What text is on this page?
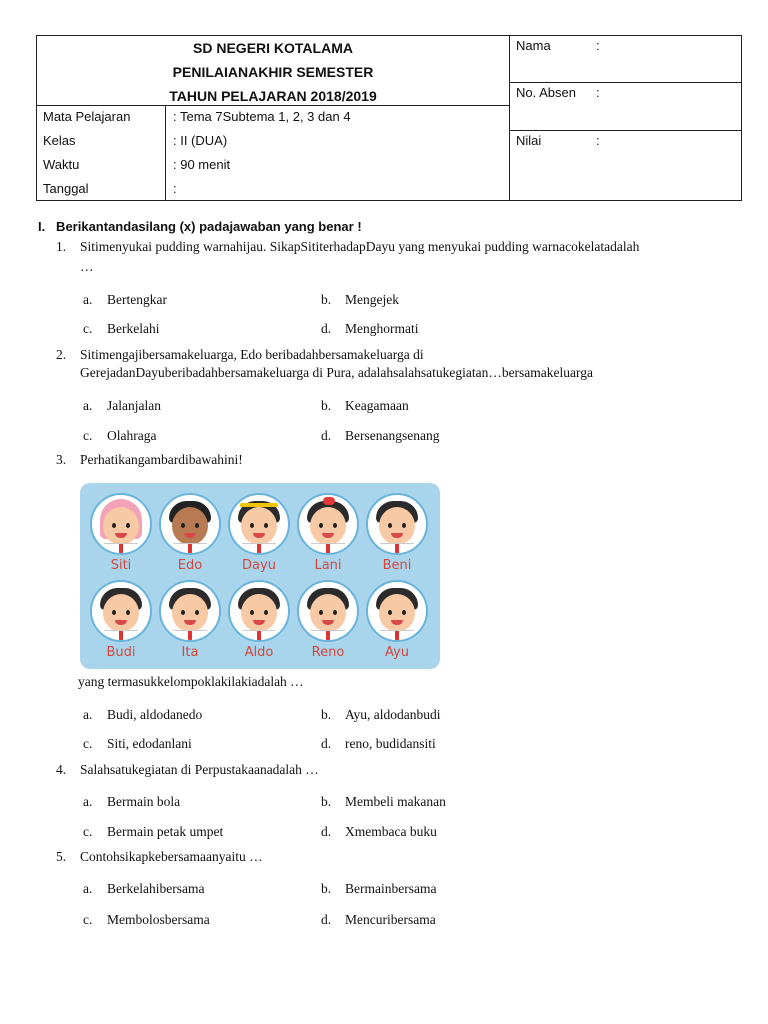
SD NEGERI KOTALAMA
PENILAIANAKHIR SEMESTER
TAHUN PELAJARAN 2018/2019
Mata Pelajaran	: Tema 7Subtema 1, 2, 3 dan 4
Kelas	: II (DUA)
Waktu	: 90 menit
Tanggal	:
Nama	:
No. Absen :
Nilai	:
I.   Berikantandasilang (x) padajawaban yang benar !
1.	Sitimenyukai pudding warnahijau. SikapSititerhadapDayu yang menyukai pudding warnacokelatadalah
…
a. Bertengkar	b. Mengejek
c. Berkelahi	d. Menghormati
2.	Sitimengajibersamakeluarga, Edo beribadahbersamakeluarga di
GerejadanDayuberibadahbersamakeluarga di Pura, adalahsalahsatukegiatan…bersamakeluarga
a. Jalanjalan	b. Keagamaan
c. Olahraga	d. Bersenangsenang
3.	Perhatikangambardibawahini!
Siti	Edo	Dayu	Lani	Beni
Budi	Ita	Aldo	Reno	Ayu
yang termasukkelompoklakilakiadalah …
a. Budi, aldodanedo	b. Ayu, aldodanbudi
c. Siti, edodanlani	d. reno, budidansiti
4.	Salahsatukegiatan di Perpustakaanadalah …
a. Bermain bola	b. Membeli makanan
c. Bermain petak umpet	d. Xmembaca buku
5.	Contohsikapkebersamaanyaitu …
a. Berkelahibersama	b. Bermainbersama
c. Membolosbersama	d. Mencuribersama
